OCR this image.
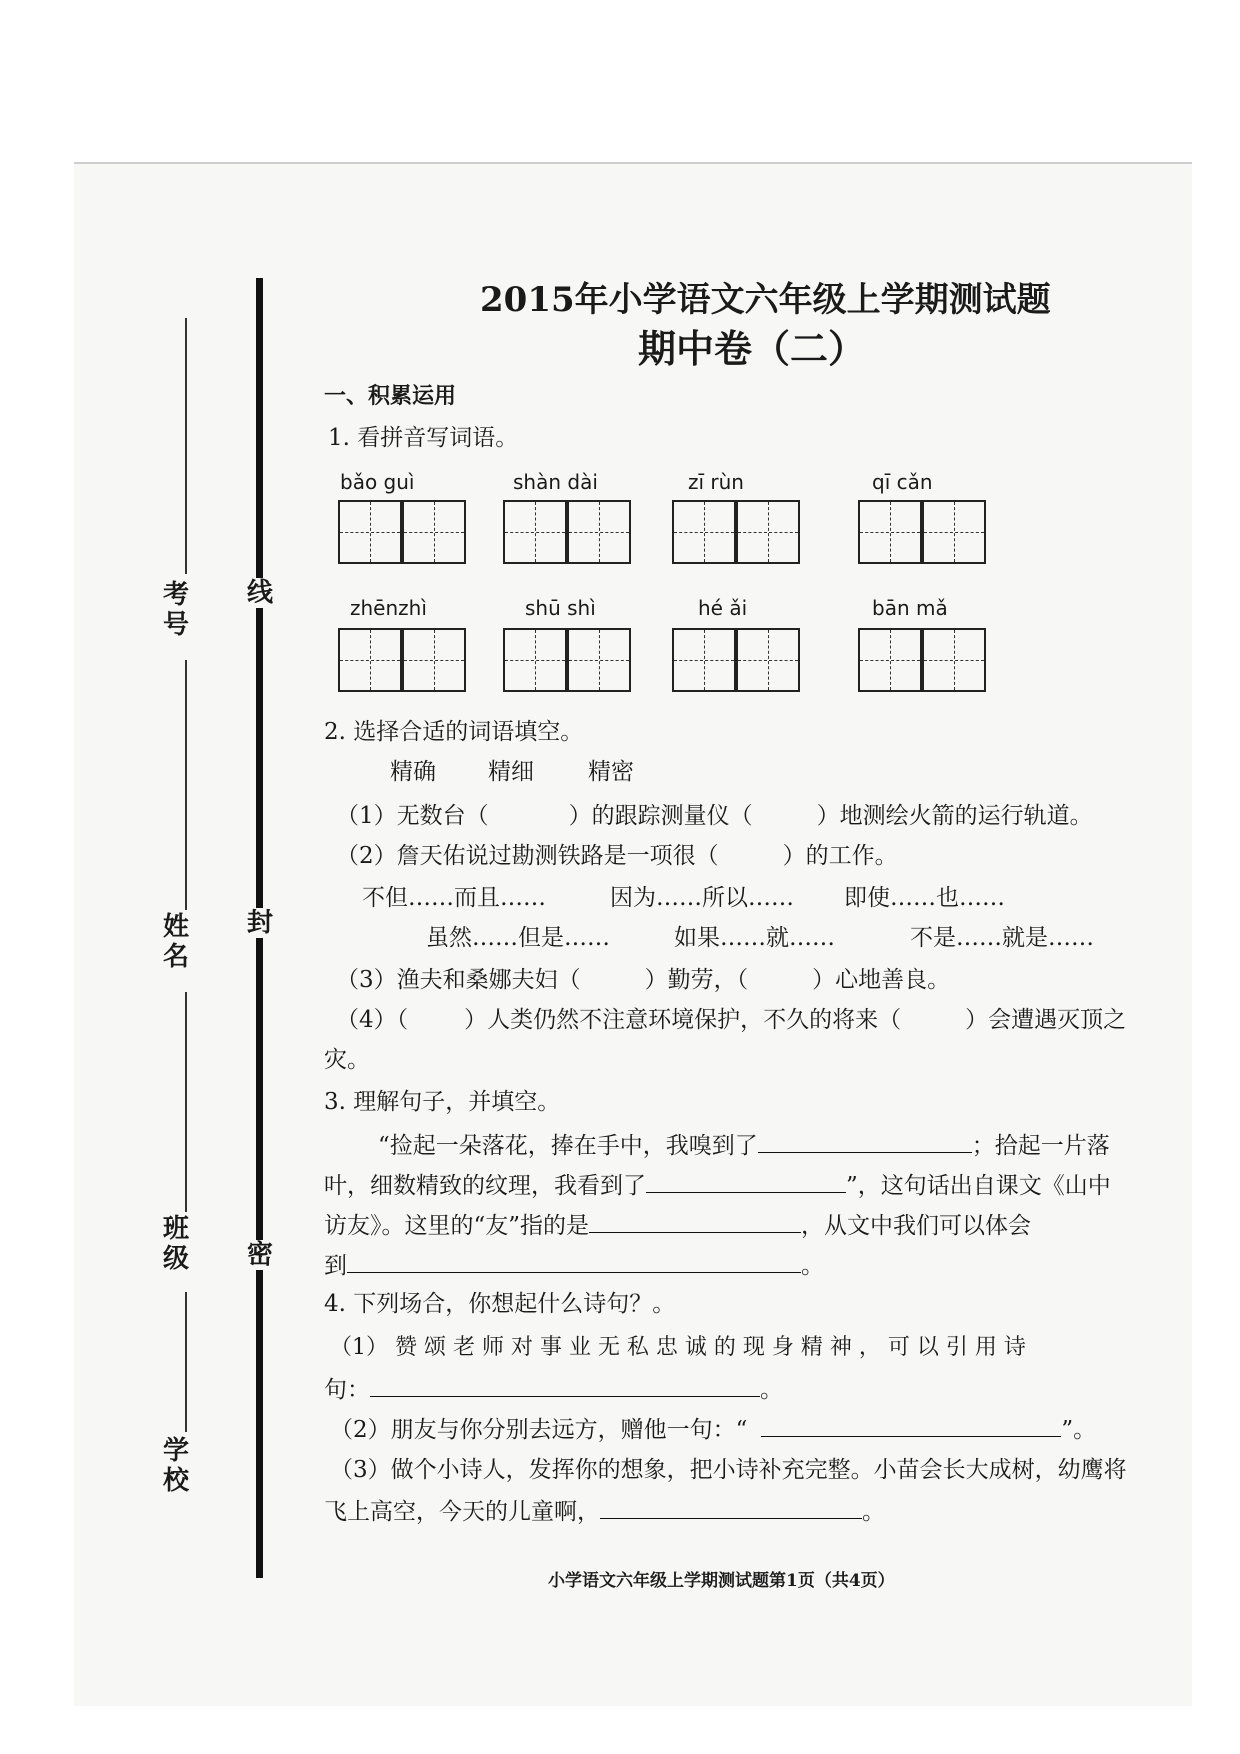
考号
姓名
班级
学校
线
封
密
2015年小学语文六年级上学期测试题
期中卷（二）
一、积累运用
1. 看拼音写词语。
bǎo guì	shàn dài	zī rùn	qī cǎn
zhēnzhì	shū shì	hé ǎi	bān mǎ
2. 选择合适的词语填空。
精确 精细 精密
（1）无数台（	）的跟踪测量仪（	）地测绘火箭的运行轨道。
（2）詹天佑说过勘测铁路是一项很（	）的工作。
不但……而且……	因为……所以…… 即使……也……
虽然……但是……	如果……就……	不是……就是……
（3）渔夫和桑娜夫妇（	）勤劳，（	）心地善良。
（4）（ ）人类仍然不注意环境保护，不久的将来（	）会遭遇灭顶之
灾。
3. 理解句子，并填空。
“捡起一朵落花，捧在手中，我嗅到了	；拾起一片落
叶，细数精致的纹理，我看到了	”，这句话出自课文《山中
访友》。这里的“友”指的是	，从文中我们可以体会
到	。
4. 下列场合，你想起什么诗句？。
（1） 赞 颂 老 师 对 事 业 无 私 忠 诚 的 现 身 精 神 ， 可 以 引 用 诗
句：	。
（2）朋友与你分别去远方，赠他一句：“	”。
（3）做个小诗人，发挥你的想象，把小诗补充完整。小苗会长大成树，幼鹰将
飞上高空，今天的儿童啊，	。
小学语文六年级上学期测试题第1页（共4页）
